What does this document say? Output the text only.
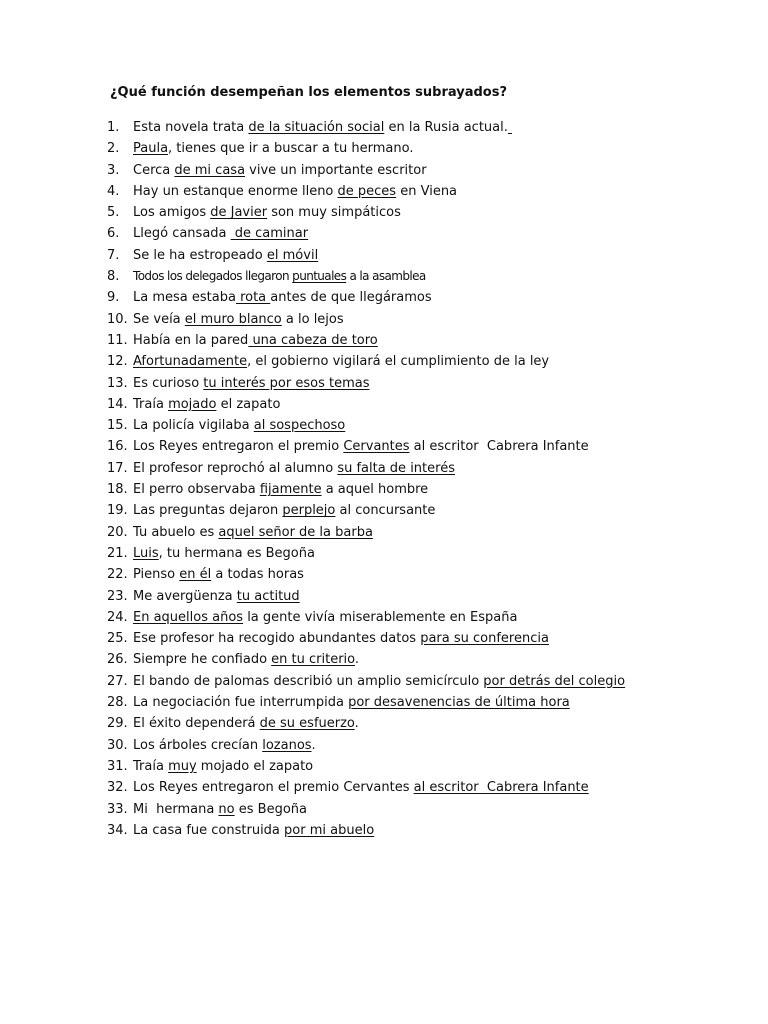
¿Qué función desempeñan los elementos subrayados?
1. Esta novela trata de la situación social en la Rusia actual.
2. Paula, tienes que ir a buscar a tu hermano.
3. Cerca de mi casa vive un importante escritor
4. Hay un estanque enorme lleno de peces en Viena
5. Los amigos de Javier son muy simpáticos
6. Llegó cansada  de caminar
7. Se le ha estropeado el móvil
8. Todos los delegados llegaron puntuales a la asamblea
9. La mesa estaba rota antes de que llegáramos
10. Se veía el muro blanco a lo lejos
11. Había en la pared una cabeza de toro
12. Afortunadamente, el gobierno vigilará el cumplimiento de la ley
13. Es curioso tu interés por esos temas
14. Traía mojado el zapato
15. La policía vigilaba al sospechoso
16. Los Reyes entregaron el premio Cervantes al escritor  Cabrera Infante
17. El profesor reprochó al alumno su falta de interés
18. El perro observaba fijamente a aquel hombre
19. Las preguntas dejaron perplejo al concursante
20. Tu abuelo es aquel señor de la barba
21. Luis, tu hermana es Begoña
22. Pienso en él a todas horas
23. Me avergüenza tu actitud
24. En aquellos años la gente vivía miserablemente en España
25. Ese profesor ha recogido abundantes datos para su conferencia
26. Siempre he confiado en tu criterio.
27. El bando de palomas describió un amplio semicírculo por detrás del colegio
28. La negociación fue interrumpida por desavenencias de última hora
29. El éxito dependerá de su esfuerzo.
30. Los árboles crecían lozanos.
31. Traía muy mojado el zapato
32. Los Reyes entregaron el premio Cervantes al escritor  Cabrera Infante
33. Mi  hermana no es Begoña
34. La casa fue construida por mi abuelo
